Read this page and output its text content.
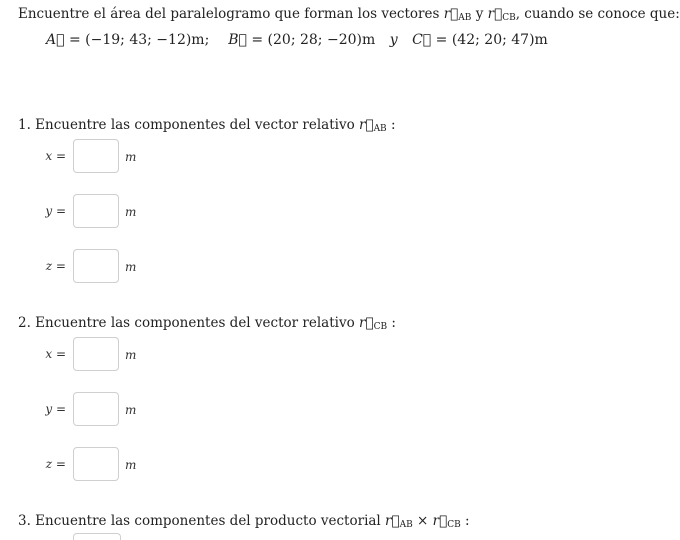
Encuentre el área del paralelogramo que forman los vectores $r⃗_{AB}$ y $r⃗_{CB}$, cuando se conoce que:
A = (−19; 43; −12)m; B = (20; 28; −20)m y C = (42; 20; 47)m
1. Encuentre las componentes del vector relativo $r⃗_{AB}$ :
x =	m
y =	m
z =	m
2. Encuentre las componentes del vector relativo $r⃗_{CB}$ :
x =	m
y =	m
z =	m
3. Encuentre las componentes del producto vectorial $r⃗_{AB}$ × $r⃗_{CB}$ :
